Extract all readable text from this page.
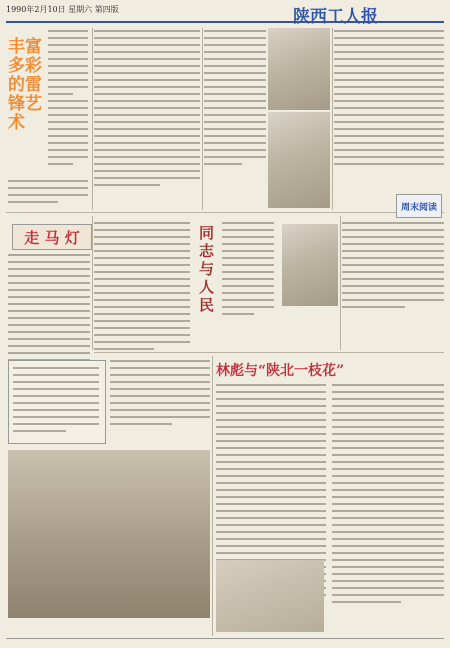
1990年2月10日 星期六 第四版	陕西工人报
丰富多彩的雷锋艺术
走 马 灯	同志与人民
周末阅读
林彪与“陕北一枝花”
